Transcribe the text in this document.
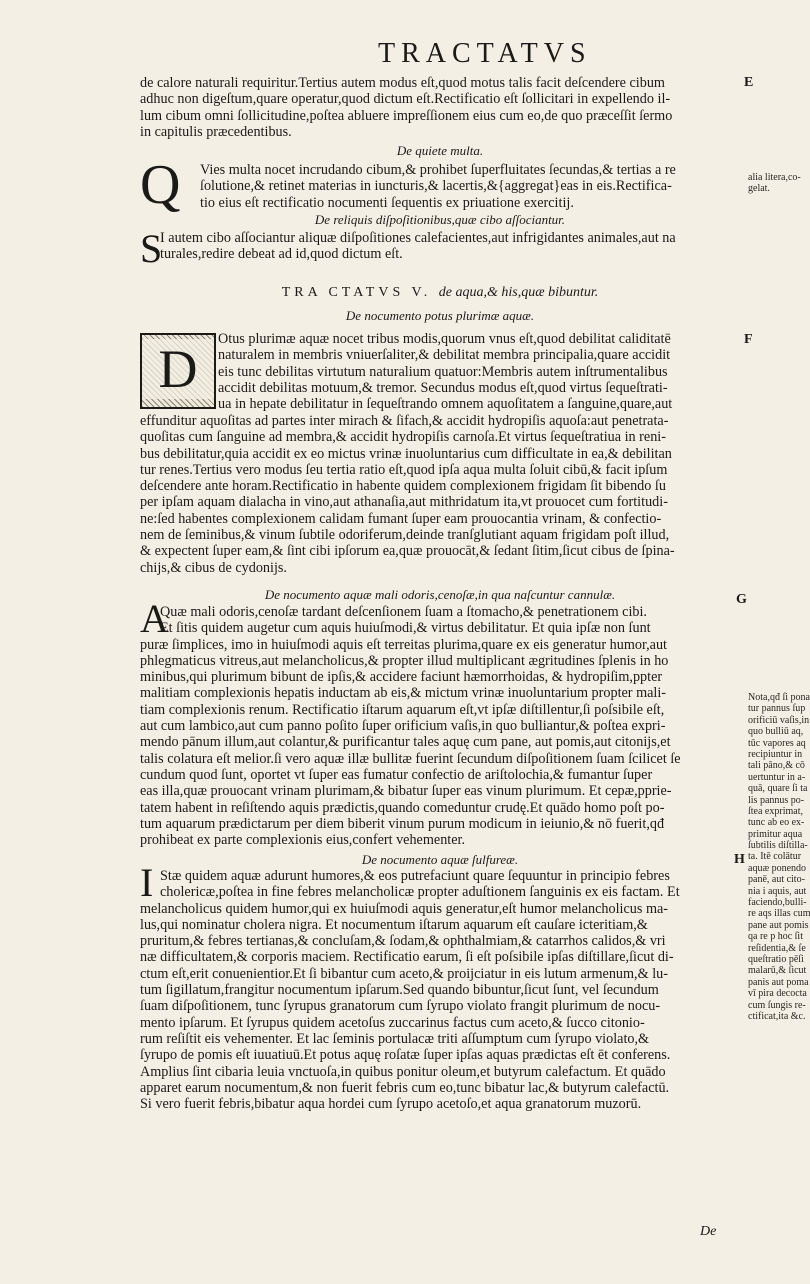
TRACTATVS
de calore naturali requiritur.Tertius autem modus eſt,quod motus talis facit deſcendere cibum
adhuc non digeſtum,quare operatur,quod dictum eſt.Rectificatio eſt ſollicitari in expellendo il-
lum cibum omni ſollicitudine,poſtea abluere impreſſionem eius cum eo,de quo præceſſit ſermo
in capitulis præcedentibus.
De quiete multa.
Q	Vies multa nocet incrudando cibum,& prohibet ſuperfluitates ſecundas,& tertias a re
ſolutione,& retinet materias in iuncturis,& lacertis,&{aggregat}eas in eis.Rectifica-
tio eius eſt rectificatio nocumenti ſequentis ex priuatione exercitij.
De reliquis diſpoſitionibus,quæ cibo aſſociantur.
S
I autem cibo aſſociantur aliquæ diſpoſitiones calefacientes,aut infrigidantes animales,aut na
turales,redire debeat ad id,quod dictum eſt.
TRA CTATVS V. de aqua,& his,quæ bibuntur.
De nocumento potus plurimæ aquæ.
D	Otus plurimæ aquæ nocet tribus modis,quorum vnus eſt,quod debilitat caliditatē
naturalem in membris vniuerſaliter,& debilitat membra principalia,quare accidit
eis tunc debilitas virtutum naturalium quatuor:Membris autem inſtrumentalibus
accidit debilitas motuum,& tremor. Secundus modus eſt,quod virtus ſequeſtrati-
ua in hepate debilitatur in ſequeſtrando omnem aquoſitatem a ſanguine,quare,aut
effunditur aquoſitas ad partes inter mirach & ſifach,& accidit hydropiſis aquoſa:aut penetrata-
quoſitas cum ſanguine ad membra,& accidit hydropiſis carnoſa.Et virtus ſequeſtratiua in reni-
bus debilitatur,quia accidit ex eo mictus vrinæ inuoluntarius cum difficultate in ea,& debilitan
tur renes.Tertius vero modus ſeu tertia ratio eſt,quod ipſa aqua multa ſoluit cibū,& facit ipſum
deſcendere ante horam.Rectificatio in habente quidem complexionem frigidam ſit bibendo ſu
per ipſam aquam dialacha in vino,aut athanaſia,aut mithridatum ita,vt prouocet cum fortitudi-
ne:ſed habentes complexionem calidam fumant ſuper eam prouocantia vrinam, & confectio-
nem de ſeminibus,& vinum ſubtile odoriferum,deinde tranſglutiant aquam frigidam poſt illud,
& expectent ſuper eam,& ſint cibi ipſorum ea,quæ prouocāt,& ſedant ſitim,ſicut cibus de ſpina-
chijs,& cibus de cydonijs.
De nocumento aquæ mali odoris,cenoſæ,in qua naſcuntur cannulæ.
A
Quæ mali odoris,cenoſæ tardant deſcenſionem ſuam a ſtomacho,& penetrationem cibi.
Et ſitis quidem augetur cum aquis huiuſmodi,& virtus debilitatur. Et quia ipſæ non ſunt
puræ ſimplices, imo in huiuſmodi aquis eſt terreitas plurima,quare ex eis generatur humor,aut
phlegmaticus vitreus,aut melancholicus,& propter illud multiplicant ægritudines ſplenis in ho
minibus,qui plurimum bibunt de ipſis,& accidere faciunt hæmorrhoidas, & hydropiſim,ppter
malitiam complexionis hepatis inductam ab eis,& mictum vrinæ inuoluntarium propter mali-
tiam complexionis renum. Rectificatio iſtarum aquarum eſt,vt ipſæ diſtillentur,ſi poſsibile eſt,
aut cum lambico,aut cum panno poſito ſuper orificium vaſis,in quo bulliantur,& poſtea expri-
mendo pānum illum,aut colantur,& purificantur tales aquę cum pane, aut pomis,aut citonijs,et
talis colatura eſt melior.ſi vero aquæ illæ bullitæ fuerint ſecundum diſpoſitionem ſuam ſcilicet ſe
cundum quod ſunt, oportet vt ſuper eas fumatur confectio de ariſtolochia,& fumantur ſuper
eas illa,quæ prouocant vrinam plurimam,& bibatur ſuper eas vinum plurimum. Et cepæ,pprie-
tatem habent in reſiſtendo aquis prædictis,quando comeduntur crudę.Et quādo homo poſt po-
tum aquarum prædictarum per diem biberit vinum purum modicum in ieiunio,& nō fuerit,qđ
prohibeat ex parte complexionis eius,confert vehementer.
De nocumento aquæ ſulfureæ.
I Stæ quidem aquæ adurunt humores,& eos putrefaciunt quare ſequuntur in principio febres
cholericæ,poſtea in fine febres melancholicæ propter aduſtionem ſanguinis ex eis factam. Et
melancholicus quidem humor,qui ex huiuſmodi aquis generatur,eſt humor melancholicus ma-
lus,qui nominatur cholera nigra. Et nocumentum iſtarum aquarum eſt cauſare icteritiam,&
pruritum,& febres tertianas,& concluſam,& ſodam,& ophthalmiam,& catarrhos calidos,& vri
næ difficultatem,& corporis maciem. Rectificatio earum, ſi eſt poſsibile ipſas diſtillare,ſicut di-
ctum eſt,erit conuenientior.Et ſi bibantur cum aceto,& proijciatur in eis lutum armenum,& lu-
tum ſigillatum,frangitur nocumentum ipſarum.Sed quando bibuntur,ſicut ſunt, vel ſecundum
ſuam diſpoſitionem, tunc ſyrupus granatorum cum ſyrupo violato frangit plurimum de nocu-
mento ipſarum. Et ſyrupus quidem acetoſus zuccarinus factus cum aceto,& ſucco citonio-
rum reſiſtit eis vehementer. Et lac ſeminis portulacæ triti aſſumptum cum ſyrupo violato,&
ſyrupo de pomis eſt iuuatiuū.Et potus aquę roſatæ ſuper ipſas aquas prædictas eſt ēt conferens.
Amplius ſint cibaria leuia vnctuoſa,in quibus ponitur oleum,et butyrum calefactum. Et quādo
apparet earum nocumentum,& non fuerit febris cum eo,tunc bibatur lac,& butyrum calefactū.
Si vero fuerit febris,bibatur aqua hordei cum ſyrupo acetoſo,et aqua granatorum muzorū.
De
E
F
G
H
alia litera,co-
gelat.
Nota,qđ ſi pona
tur pannus ſup
orificiū vaſis,in
quo bulliū aq,
tūc vapores aq
recipiuntur in
tali pāno,& cō
uertuntur in a-
quā, quare ſi ta
lis pannus po-
ſtea exprimat,
tunc ab eo ex-
primitur aqua
ſubtilis diſtilla-
ta. Itē colātur
aquæ ponendo
panē, aut cito-
nia i aquis, aut
faciendo,bulli-
re aqs illas cum
pane aut pomis
qa re p hoc ſit
reſidentia,& ſe
queſtratio pēſi
malarū,& ſicut
panis aut poma
vī pira decocta
cum ſungis re-
ctificat,ita &c.
